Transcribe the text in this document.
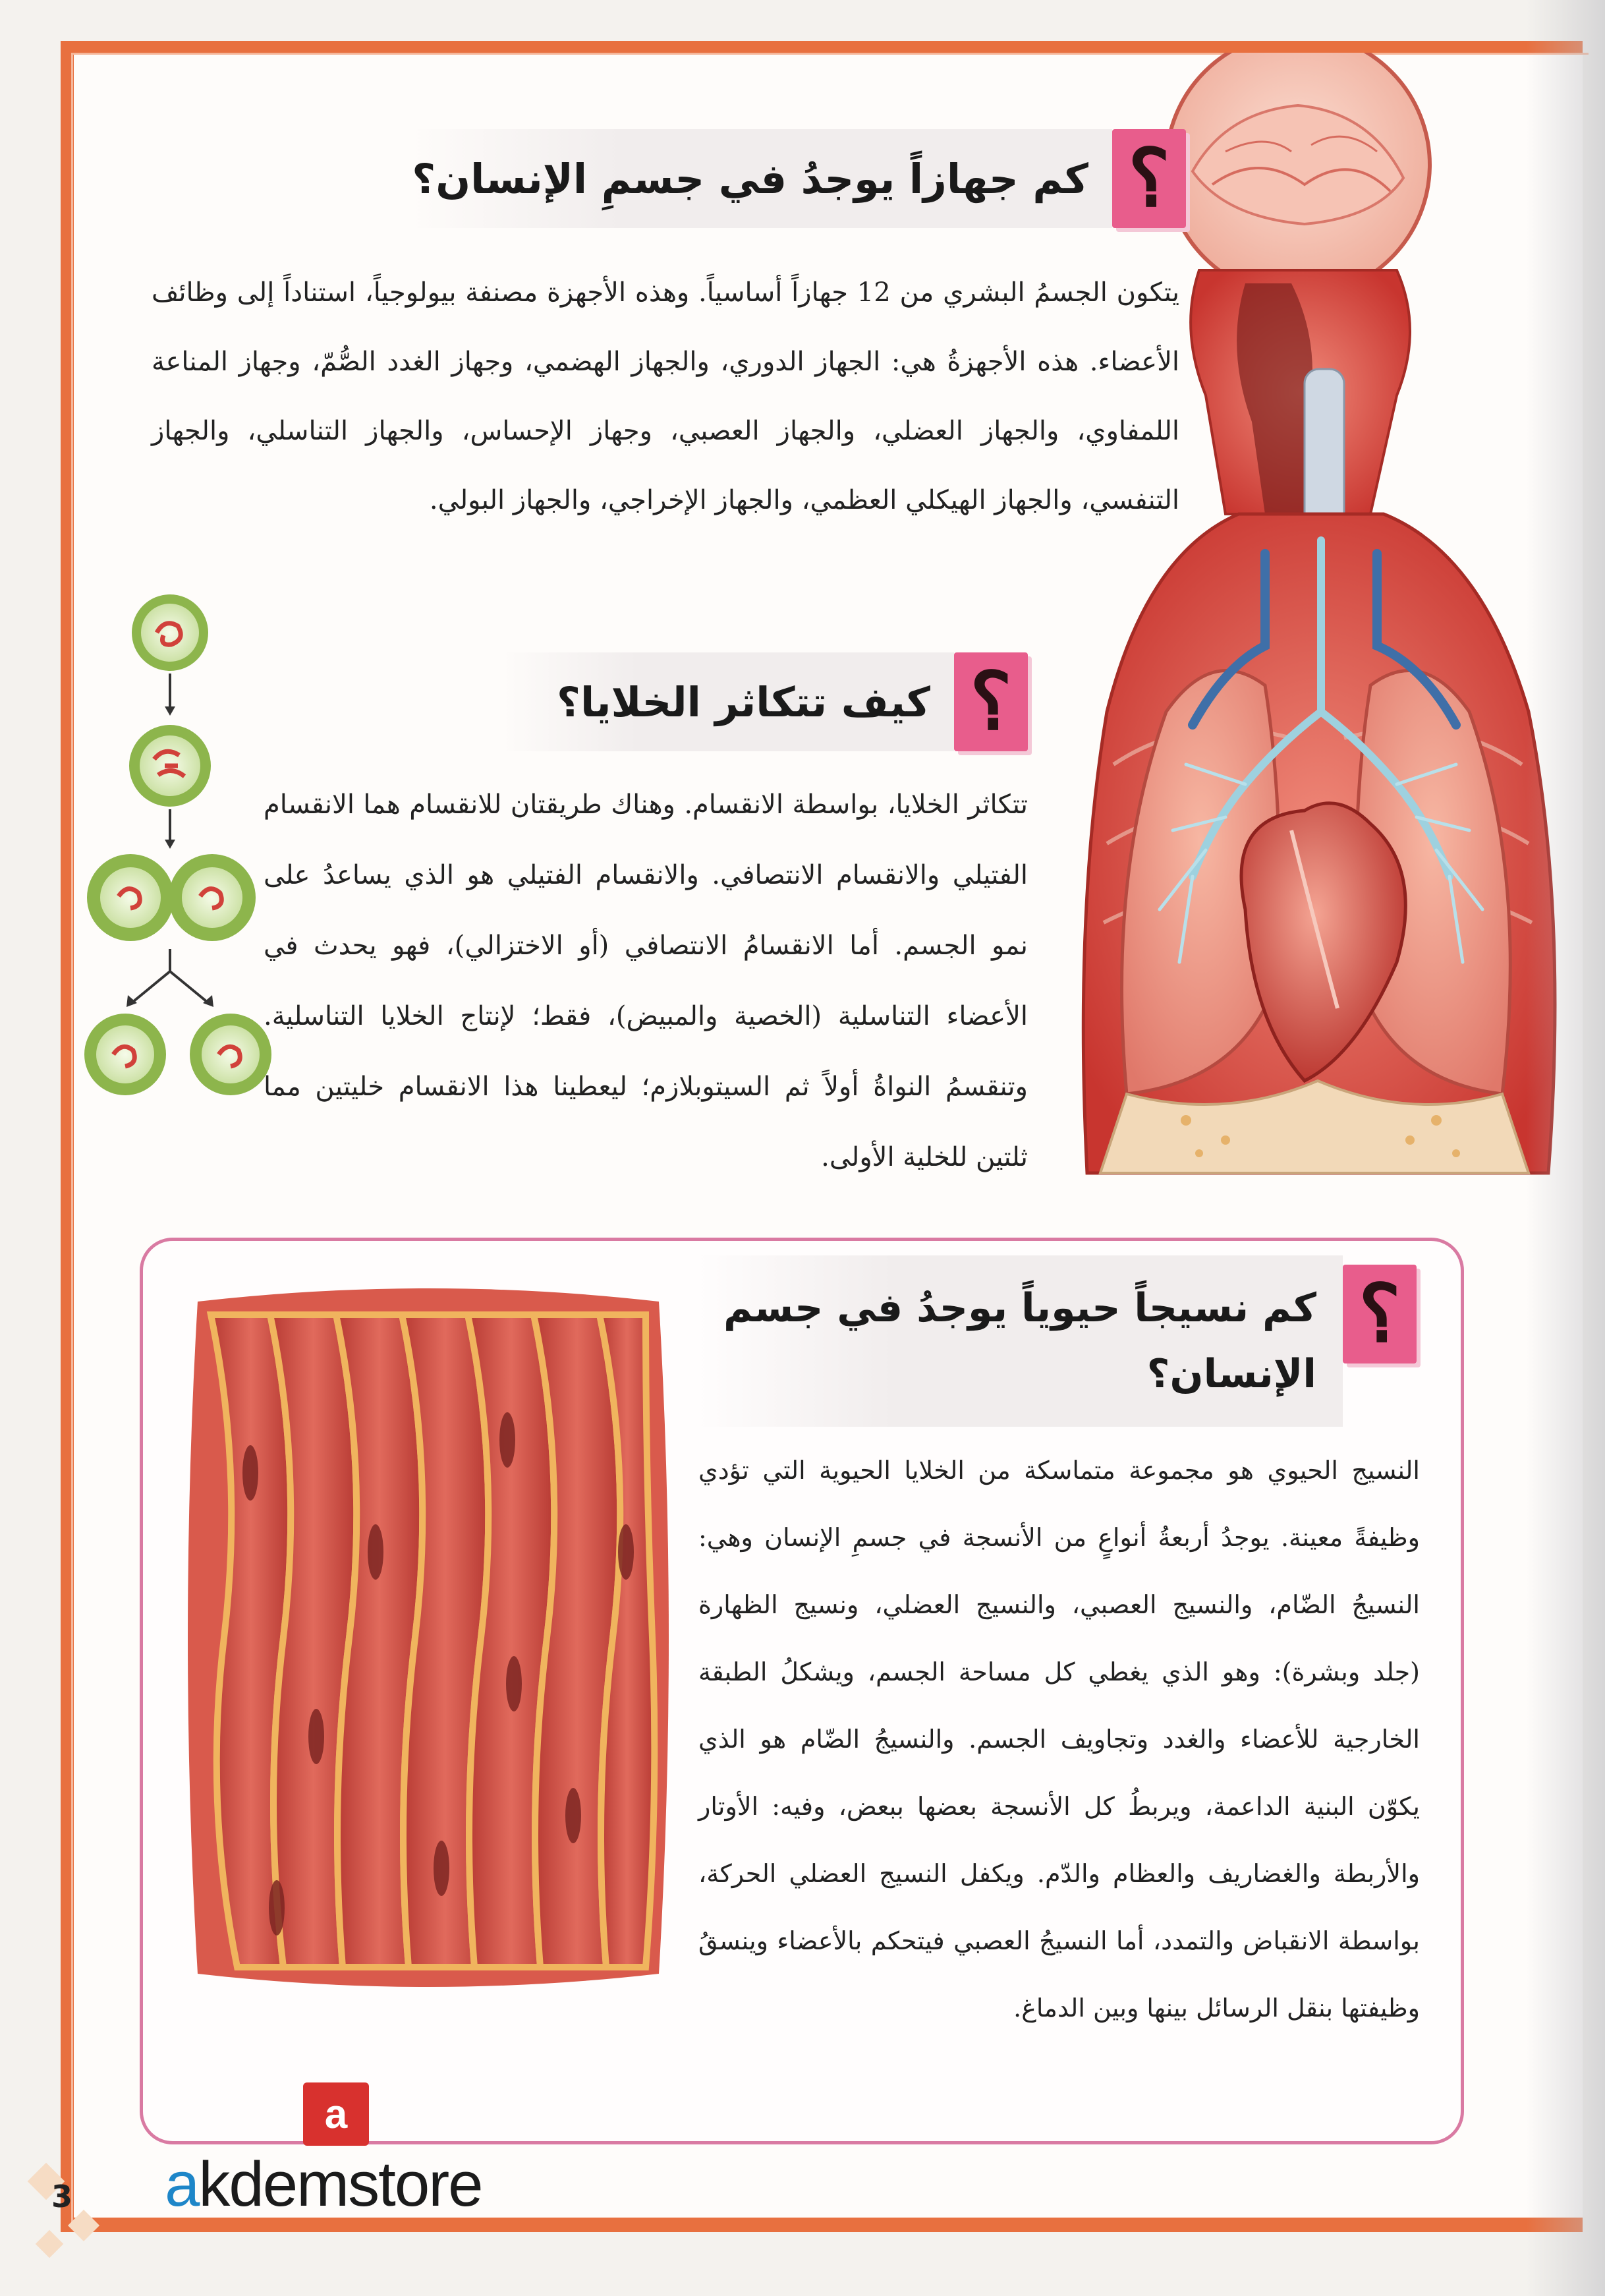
كم جهازاً يوجدُ في جسمِ الإنسان؟ ؟

يتكون الجسمُ البشري من 12 جهازاً أساسياً. وهذه الأجهزة مصنفة بيولوجياً، استناداً إلى وظائف الأعضاء. هذه الأجهزةُ هي: الجهاز الدوري، والجهاز الهضمي، وجهاز الغدد الصُّمّ، وجهاز المناعة اللمفاوي، والجهاز العضلي، والجهاز العصبي، وجهاز الإحساس، والجهاز التناسلي، والجهاز التنفسي، والجهاز الهيكلي العظمي، والجهاز الإخراجي، والجهاز البولي.

كيف تتكاثر الخلايا؟ ؟

تتكاثر الخلايا، بواسطة الانقسام. وهناك طريقتان للانقسام هما الانقسام الفتيلي والانقسام الانتصافي. والانقسام الفتيلي هو الذي يساعدُ على نمو الجسم. أما الانقسامُ الانتصافي (أو الاختزالي)، فهو يحدث في الأعضاء التناسلية (الخصية والمبيض)، فقط؛ لإنتاج الخلايا التناسلية. وتنقسمُ النواةُ أولاً ثم السيتوبلازم؛ ليعطينا هذا الانقسام خليتين مما ثلتين للخلية الأولى.

كم نسيجاً حيوياً يوجدُ في جسم
الإنسان؟
؟

النسيج الحيوي هو مجموعة متماسكة من الخلايا الحيوية التي تؤدي وظيفةً معينة. يوجدُ أربعةُ أنواعٍ من الأنسجة في جسمِ الإنسان وهي: النسيجُ الضّام، والنسيج العصبي، والنسيج العضلي، ونسيج الظهارة (جلد وبشرة): وهو الذي يغطي كل مساحة الجسم، ويشكلُ الطبقة الخارجية للأعضاء والغدد وتجاويف الجسم. والنسيجُ الضّام هو الذي يكوّن البنية الداعمة، ويربطُ كل الأنسجة بعضها ببعض، وفيه: الأوتار والأربطة والغضاريف والعظام والدّم. ويكفل النسيج العضلي الحركة، بواسطة الانقباض والتمدد، أما النسيجُ العصبي فيتحكم بالأعضاء وينسقُ وظيفتها بنقل الرسائل بينها وبين الدماغ.

a
akdemstore
3
